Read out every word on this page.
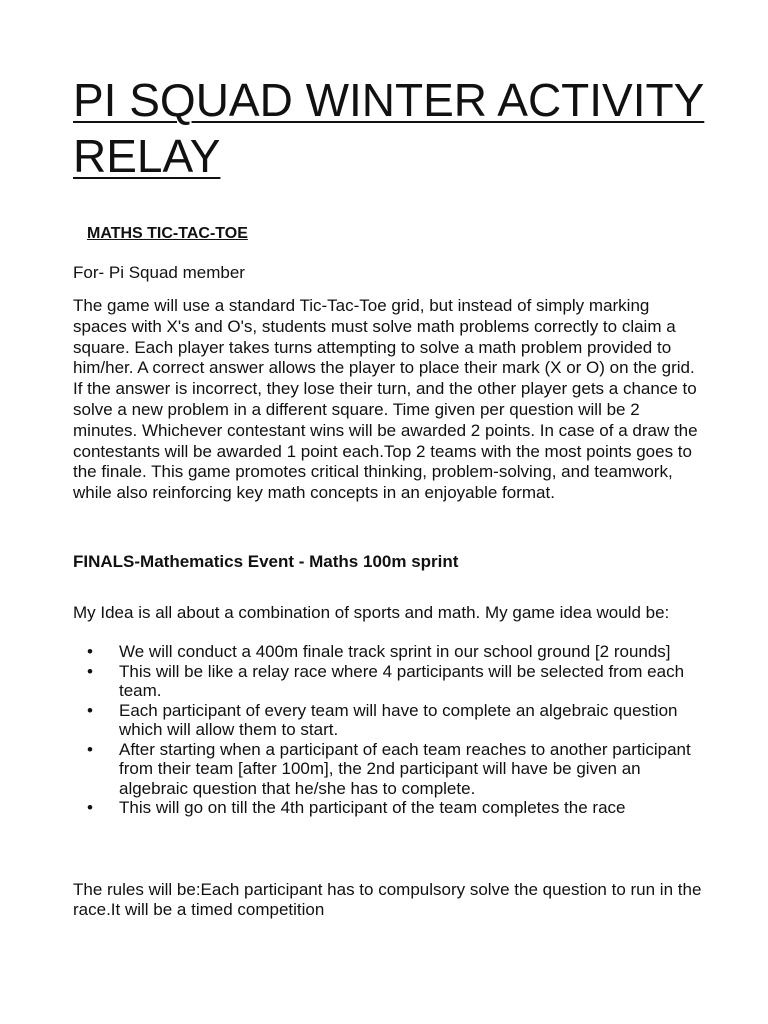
PI SQUAD WINTER ACTIVITY RELAY
MATHS TIC-TAC-TOE

For- Pi Squad member

The game will use a standard Tic-Tac-Toe grid, but instead of simply marking spaces with X's and O's, students must solve math problems correctly to claim a square. Each player takes turns attempting to solve a math problem provided to him/her. A correct answer allows the player to place their mark (X or O) on the grid. If the answer is incorrect, they lose their turn, and the other player gets a chance to solve a new problem in a different square. Time given per question will be 2 minutes. Whichever contestant wins will be awarded 2 points. In case of a draw the contestants will be awarded 1 point each.Top 2 teams with the most points goes to the finale. This game promotes critical thinking, problem-solving, and teamwork, while also reinforcing key math concepts in an enjoyable format.

FINALS-Mathematics Event - Maths 100m sprint

My Idea is all about a combination of sports and math. My game idea would be:

• We will conduct a 400m finale track sprint in our school ground [2 rounds]
• This will be like a relay race where 4 participants will be selected from each team.
• Each participant of every team will have to complete an algebraic question which will allow them to start.
• After starting when a participant of each team reaches to another participant from their team [after 100m], the 2nd participant will have be given an algebraic question that he/she has to complete.
• This will go on till the 4th participant of the team completes the race

The rules will be:Each participant has to compulsory solve the question to run in the race.It will be a timed competition
